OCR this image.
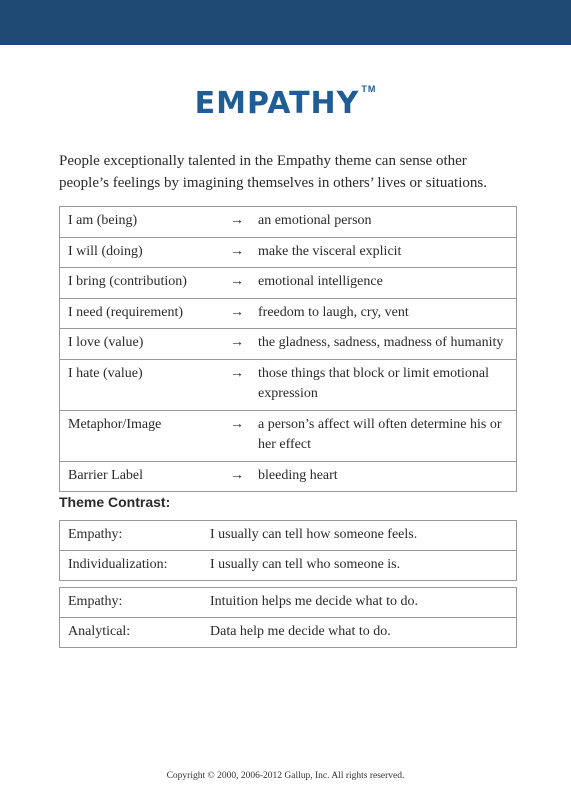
EMPATHY ™
People exceptionally talented in the Empathy theme can sense other people’s feelings by imagining themselves in others’ lives or situations.
I am (being)	→	an emotional person
I will (doing)	→	make the visceral explicit
I bring (contribution)	→	emotional intelligence
I need (requirement)	→	freedom to laugh, cry, vent
I love (value)	→	the gladness, sadness, madness of humanity
I hate (value)	→	those things that block or limit emotional expression
Metaphor/Image	→	a person’s affect will often determine his or her effect
Barrier Label	→	bleeding heart
Theme Contrast:
Empathy:	I usually can tell how someone feels.
Individualization:	I usually can tell who someone is.
Empathy:	Intuition helps me decide what to do.
Analytical:	Data help me decide what to do.
Copyright © 2000, 2006-2012 Gallup, Inc. All rights reserved.
